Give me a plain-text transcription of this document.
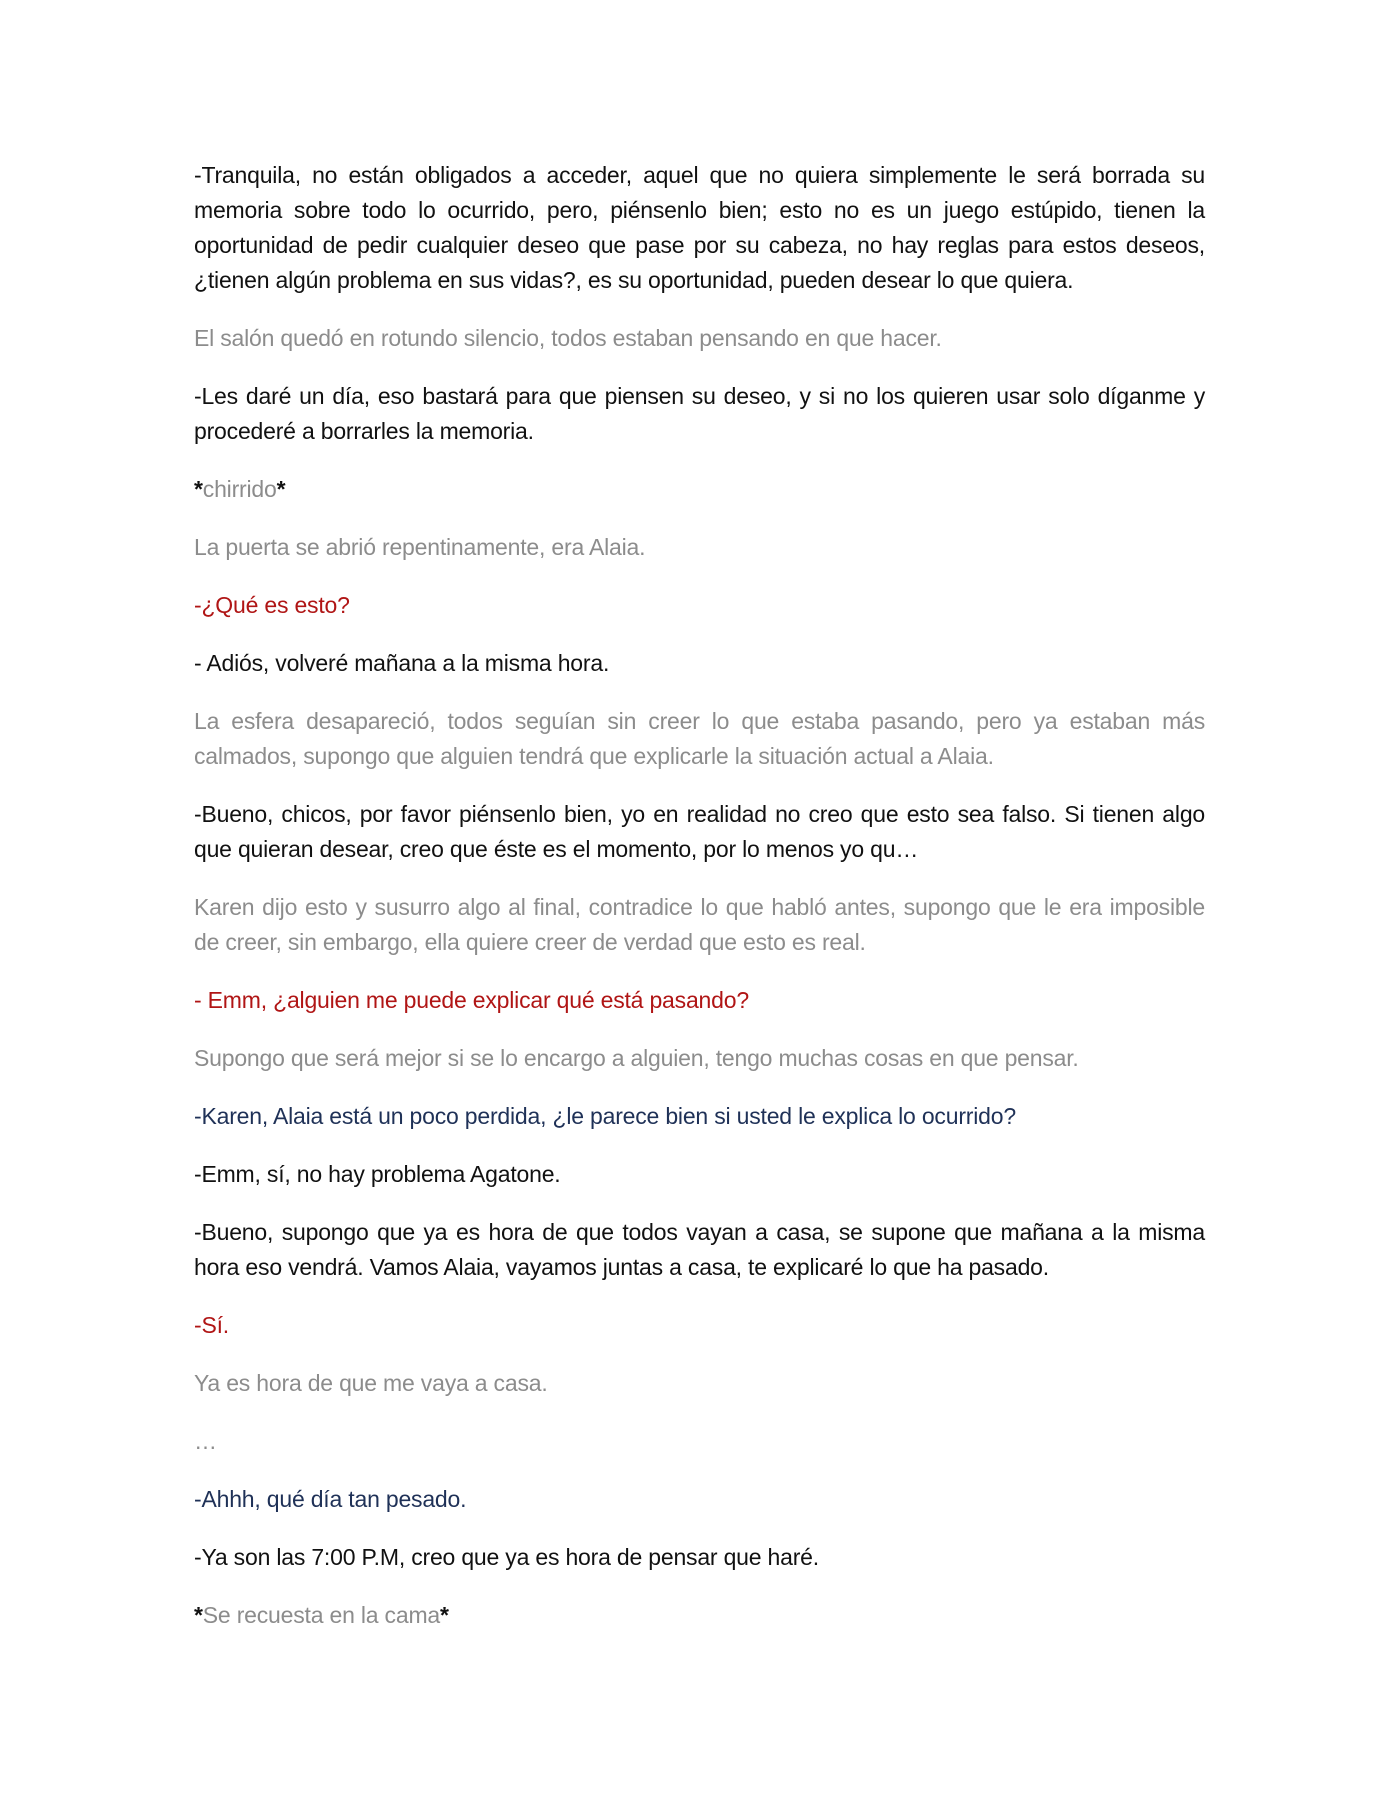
-Tranquila, no están obligados a acceder, aquel que no quiera simplemente le será borrada su memoria sobre todo lo ocurrido, pero, piénsenlo bien; esto no es un juego estúpido, tienen la oportunidad de pedir cualquier deseo que pase por su cabeza, no hay reglas para estos deseos, ¿tienen algún problema en sus vidas?, es su oportunidad, pueden desear lo que quiera.

El salón quedó en rotundo silencio, todos estaban pensando en que hacer.

-Les daré un día, eso bastará para que piensen su deseo, y si no los quieren usar solo díganme y procederé a borrarles la memoria.

*chirrido*

La puerta se abrió repentinamente, era Alaia.

-¿Qué es esto?

- Adiós, volveré mañana a la misma hora.

La esfera desapareció, todos seguían sin creer lo que estaba pasando, pero ya estaban más calmados, supongo que alguien tendrá que explicarle la situación actual a Alaia.

-Bueno, chicos, por favor piénsenlo bien, yo en realidad no creo que esto sea falso. Si tienen algo que quieran desear, creo que éste es el momento, por lo menos yo qu…

Karen dijo esto y susurro algo al final, contradice lo que habló antes, supongo que le era imposible de creer, sin embargo, ella quiere creer de verdad que esto es real.

- Emm, ¿alguien me puede explicar qué está pasando?

Supongo que será mejor si se lo encargo a alguien, tengo muchas cosas en que pensar.

-Karen, Alaia está un poco perdida, ¿le parece bien si usted le explica lo ocurrido?

-Emm, sí, no hay problema Agatone.

-Bueno, supongo que ya es hora de que todos vayan a casa, se supone que mañana a la misma hora eso vendrá. Vamos Alaia, vayamos juntas a casa, te explicaré lo que ha pasado.

-Sí.

Ya es hora de que me vaya a casa.

…

-Ahhh, qué día tan pesado.

-Ya son las 7:00 P.M, creo que ya es hora de pensar que haré.

*Se recuesta en la cama*
